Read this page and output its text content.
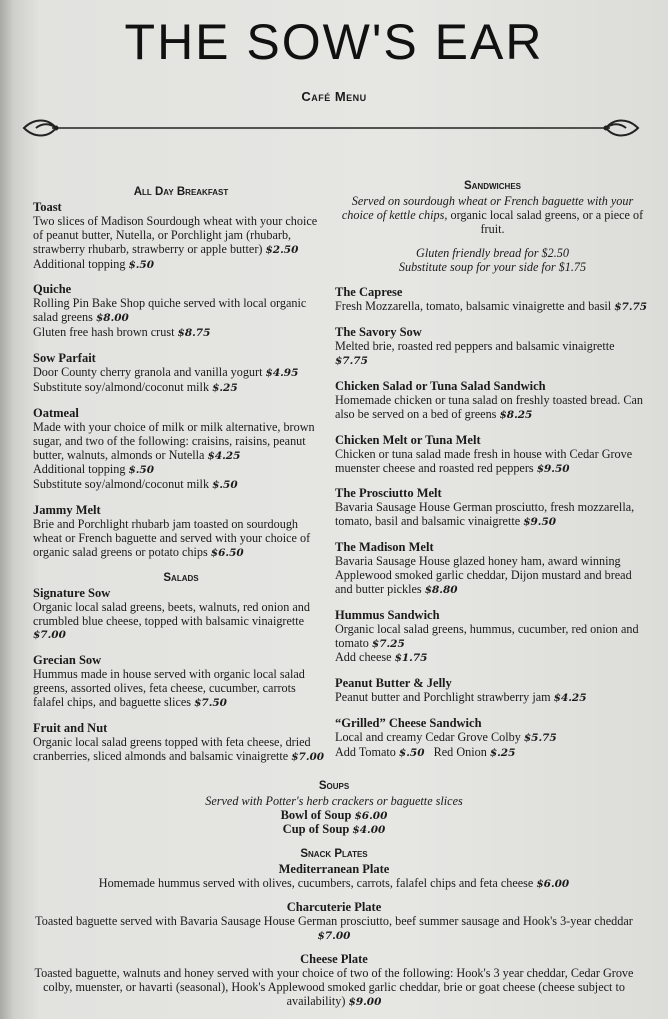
THE SOW'S EAR
Café Menu
All Day Breakfast
Toast
Two slices of Madison Sourdough wheat with your choice of peanut butter, Nutella, or Porchlight jam (rhubarb, strawberry rhubarb, strawberry or apple butter) $2.50
Additional topping $.50
Quiche
Rolling Pin Bake Shop quiche served with local organic salad greens $8.00
Gluten free hash brown crust $8.75
Sow Parfait
Door County cherry granola and vanilla yogurt $4.95
Substitute soy/almond/coconut milk $.25
Oatmeal
Made with your choice of milk or milk alternative, brown sugar, and two of the following: craisins, raisins, peanut butter, walnuts, almonds or Nutella $4.25
Additional topping $.50
Substitute soy/almond/coconut milk $.50
Jammy Melt
Brie and Porchlight rhubarb jam toasted on sourdough wheat or French baguette and served with your choice of organic salad greens or potato chips $6.50
Salads
Signature Sow
Organic local salad greens, beets, walnuts, red onion and crumbled blue cheese, topped with balsamic vinaigrette $7.00
Grecian Sow
Hummus made in house served with organic local salad greens, assorted olives, feta cheese, cucumber, carrots falafel chips, and baguette slices $7.50
Fruit and Nut
Organic local salad greens topped with feta cheese, dried cranberries, sliced almonds and balsamic vinaigrette $7.00
Sandwiches
Served on sourdough wheat or French baguette with your choice of kettle chips, organic local salad greens, or a piece of fruit.
Gluten friendly bread for $2.50
Substitute soup for your side for $1.75
The Caprese
Fresh Mozzarella, tomato, balsamic vinaigrette and basil $7.75
The Savory Sow
Melted brie, roasted red peppers and balsamic vinaigrette $7.75
Chicken Salad or Tuna Salad Sandwich
Homemade chicken or tuna salad on freshly toasted bread. Can also be served on a bed of greens $8.25
Chicken Melt or Tuna Melt
Chicken or tuna salad made fresh in house with Cedar Grove muenster cheese and roasted red peppers $9.50
The Prosciutto Melt
Bavaria Sausage House German prosciutto, fresh mozzarella, tomato, basil and balsamic vinaigrette $9.50
The Madison Melt
Bavaria Sausage House glazed honey ham, award winning Applewood smoked garlic cheddar, Dijon mustard and bread and butter pickles $8.80
Hummus Sandwich
Organic local salad greens, hummus, cucumber, red onion and tomato $7.25
Add cheese $1.75
Peanut Butter & Jelly
Peanut butter and Porchlight strawberry jam $4.25
“Grilled” Cheese Sandwich
Local and creamy Cedar Grove Colby $5.75
Add Tomato $.50 Red Onion $.25
Soups
Served with Potter's herb crackers or baguette slices
Bowl of Soup $6.00
Cup of Soup $4.00
Snack Plates
Mediterranean Plate
Homemade hummus served with olives, cucumbers, carrots, falafel chips and feta cheese $6.00
Charcuterie Plate
Toasted baguette served with Bavaria Sausage House German prosciutto, beef summer sausage and Hook's 3-year cheddar $7.00
Cheese Plate
Toasted baguette, walnuts and honey served with your choice of two of the following: Hook's 3 year cheddar, Cedar Grove colby, muenster, or havarti (seasonal), Hook's Applewood smoked garlic cheddar, brie or goat cheese (cheese subject to availability) $9.00
